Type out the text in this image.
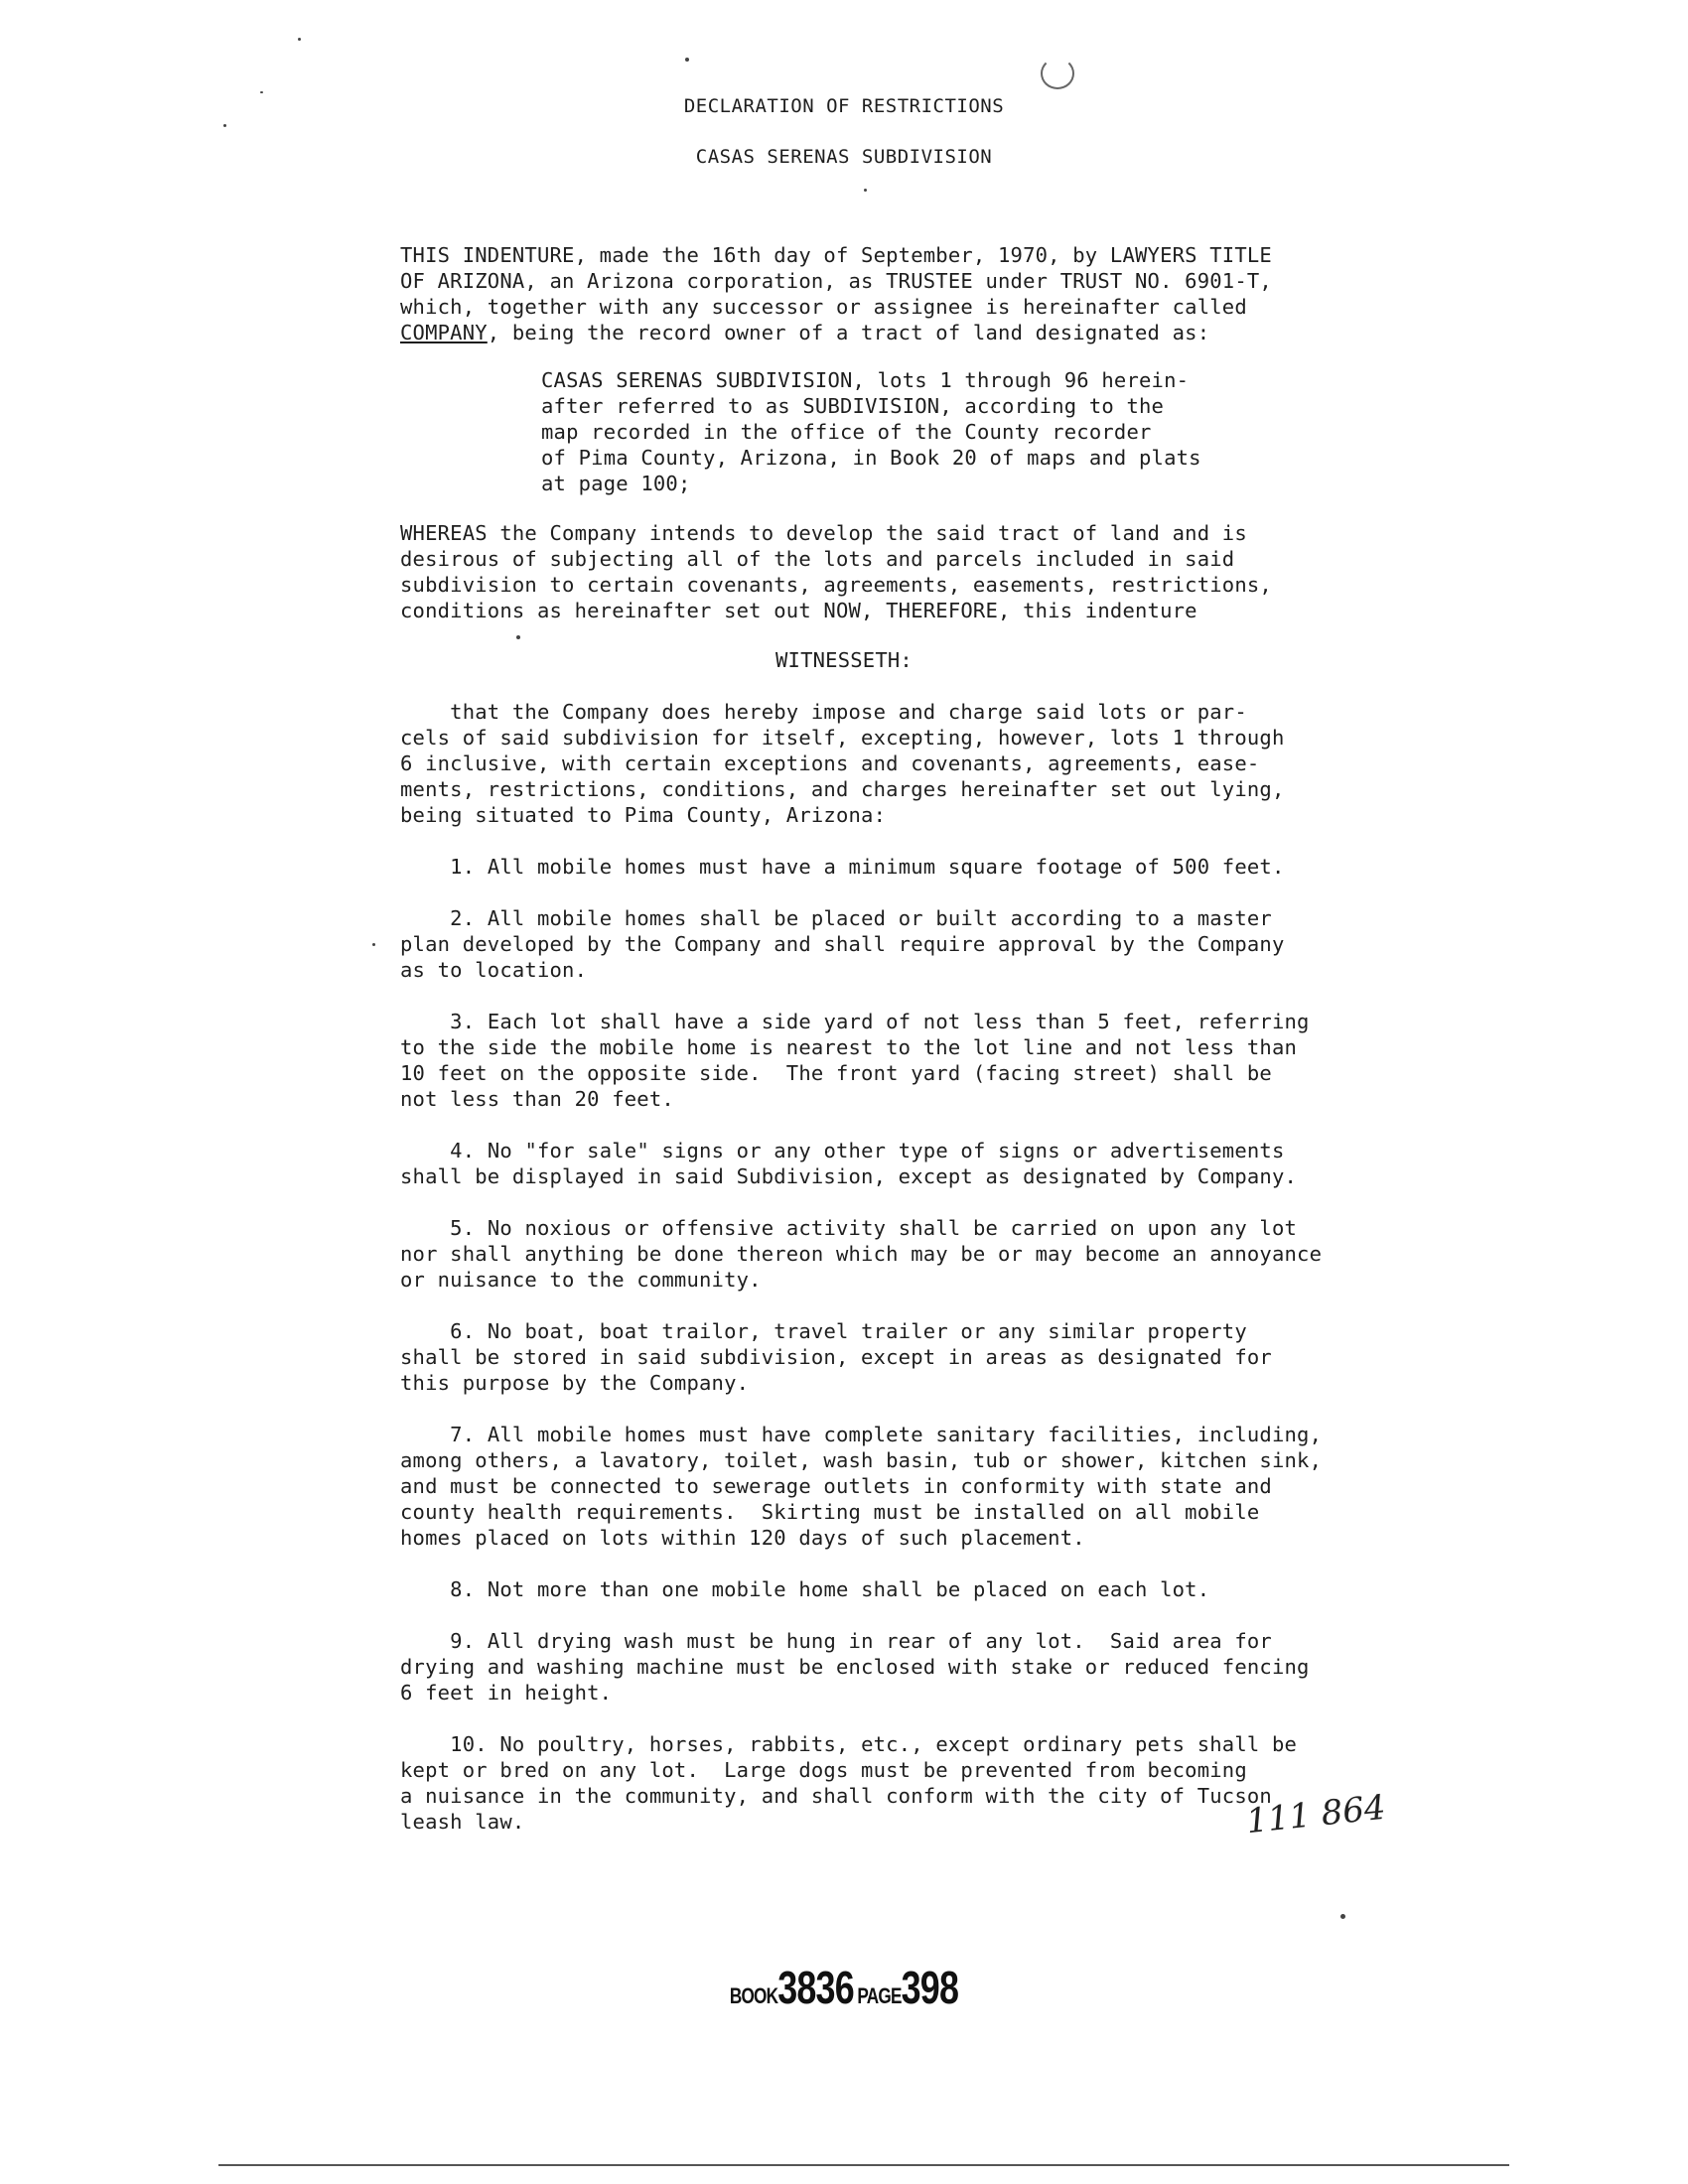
DECLARATION OF RESTRICTIONS
CASAS SERENAS SUBDIVISION
THIS INDENTURE, made the 16th day of September, 1970, by LAWYERS TITLE
OF ARIZONA, an Arizona corporation, as TRUSTEE under TRUST NO. 6901-T,
which, together with any successor or assignee is hereinafter called
COMPANY, being the record owner of a tract of land designated as:
CASAS SERENAS SUBDIVISION, lots 1 through 96 herein-
after referred to as SUBDIVISION, according to the
map recorded in the office of the County recorder
of Pima County, Arizona, in Book 20 of maps and plats
at page 100;
WHEREAS the Company intends to develop the said tract of land and is
desirous of subjecting all of the lots and parcels included in said
subdivision to certain covenants, agreements, easements, restrictions,
conditions as hereinafter set out NOW, THEREFORE, this indenture
WITNESSETH:
that the Company does hereby impose and charge said lots or par-
cels of said subdivision for itself, excepting, however, lots 1 through
6 inclusive, with certain exceptions and covenants, agreements, ease-
ments, restrictions, conditions, and charges hereinafter set out lying,
being situated to Pima County, Arizona:
1. All mobile homes must have a minimum square footage of 500 feet.
2. All mobile homes shall be placed or built according to a master
plan developed by the Company and shall require approval by the Company
as to location.
3. Each lot shall have a side yard of not less than 5 feet, referring
to the side the mobile home is nearest to the lot line and not less than
10 feet on the opposite side.  The front yard (facing street) shall be
not less than 20 feet.
4. No "for sale" signs or any other type of signs or advertisements
shall be displayed in said Subdivision, except as designated by Company.
5. No noxious or offensive activity shall be carried on upon any lot
nor shall anything be done thereon which may be or may become an annoyance
or nuisance to the community.
6. No boat, boat trailor, travel trailer or any similar property
shall be stored in said subdivision, except in areas as designated for
this purpose by the Company.
7. All mobile homes must have complete sanitary facilities, including,
among others, a lavatory, toilet, wash basin, tub or shower, kitchen sink,
and must be connected to sewerage outlets in conformity with state and
county health requirements.  Skirting must be installed on all mobile
homes placed on lots within 120 days of such placement.
8. Not more than one mobile home shall be placed on each lot.
9. All drying wash must be hung in rear of any lot.  Said area for
drying and washing machine must be enclosed with stake or reduced fencing
6 feet in height.
10. No poultry, horses, rabbits, etc., except ordinary pets shall be
kept or bred on any lot.  Large dogs must be prevented from becoming
a nuisance in the community, and shall conform with the city of Tucson
leash law.	111 864
BOOK3836 PAGE398
